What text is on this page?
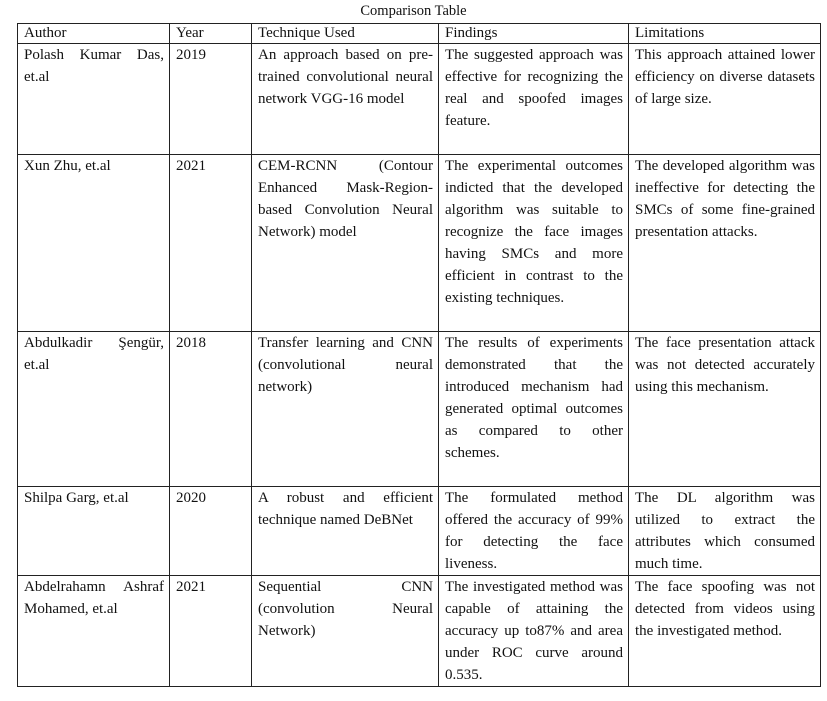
Comparison Table
Author	Year	Technique Used	Findings	Limitations
Polash Kumar Das, et.al	2019	An approach based on pre-trained convolutional neural network VGG-16 model	The suggested approach was effective for recognizing the real and spoofed images feature.	This approach attained lower efficiency on diverse datasets of large size.
Xun Zhu, et.al	2021	CEM-RCNN (Contour Enhanced Mask-Region-based Convolution Neural Network) model	The experimental outcomes indicted that the developed algorithm was suitable to recognize the face images having SMCs and more efficient in contrast to the existing techniques.	The developed algorithm was ineffective for detecting the SMCs of some fine-grained presentation attacks.
Abdulkadir Şengür, et.al	2018	Transfer learning and CNN (convolutional neural network)	The results of experiments demonstrated that the introduced mechanism had generated optimal outcomes as compared to other schemes.	The face presentation attack was not detected accurately using this mechanism.
Shilpa Garg, et.al	2020	A robust and efficient technique named DeBNet	The formulated method offered the accuracy of 99% for detecting the face liveness.	The DL algorithm was utilized to extract the attributes which consumed much time.
Abdelrahamn Ashraf Mohamed, et.al	2021	Sequential CNN (convolution Neural Network)	The investigated method was capable of attaining the accuracy up to87% and area under ROC curve around 0.535.	The face spoofing was not detected from videos using the investigated method.
